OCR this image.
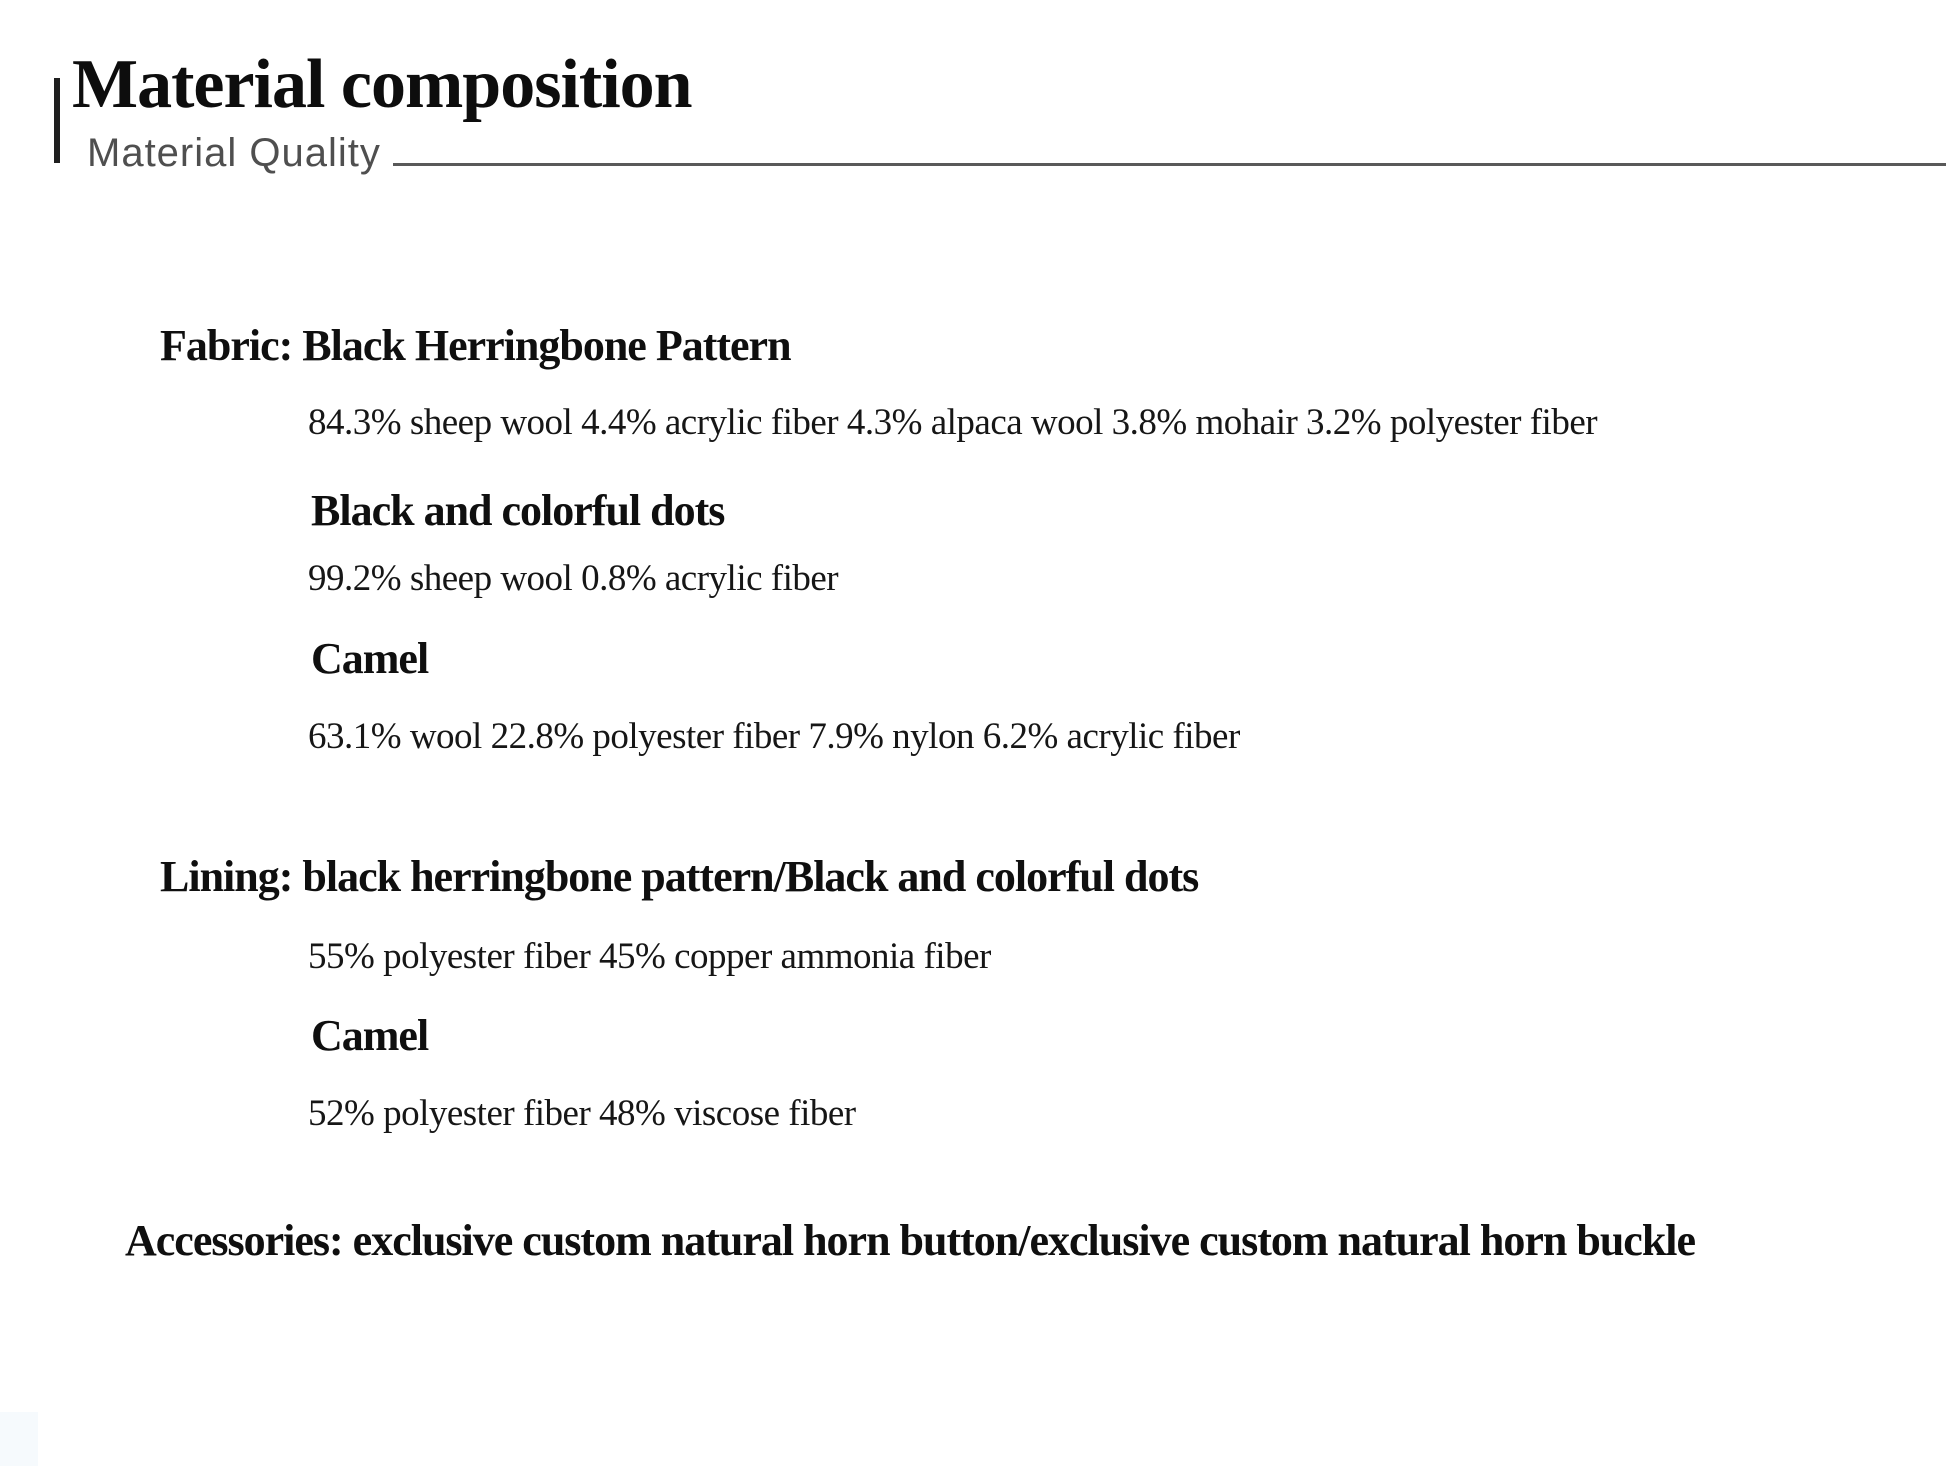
Material composition
Material Quality
Fabric: Black Herringbone Pattern

84.3% sheep wool 4.4% acrylic fiber 4.3% alpaca wool 3.8% mohair 3.2% polyester fiber

Black and colorful dots

99.2% sheep wool 0.8% acrylic fiber

Camel

63.1% wool 22.8% polyester fiber 7.9% nylon 6.2% acrylic fiber

Lining: black herringbone pattern/Black and colorful dots

55% polyester fiber 45% copper ammonia fiber

Camel

52% polyester fiber 48% viscose fiber

Accessories: exclusive custom natural horn button/exclusive custom natural horn buckle
